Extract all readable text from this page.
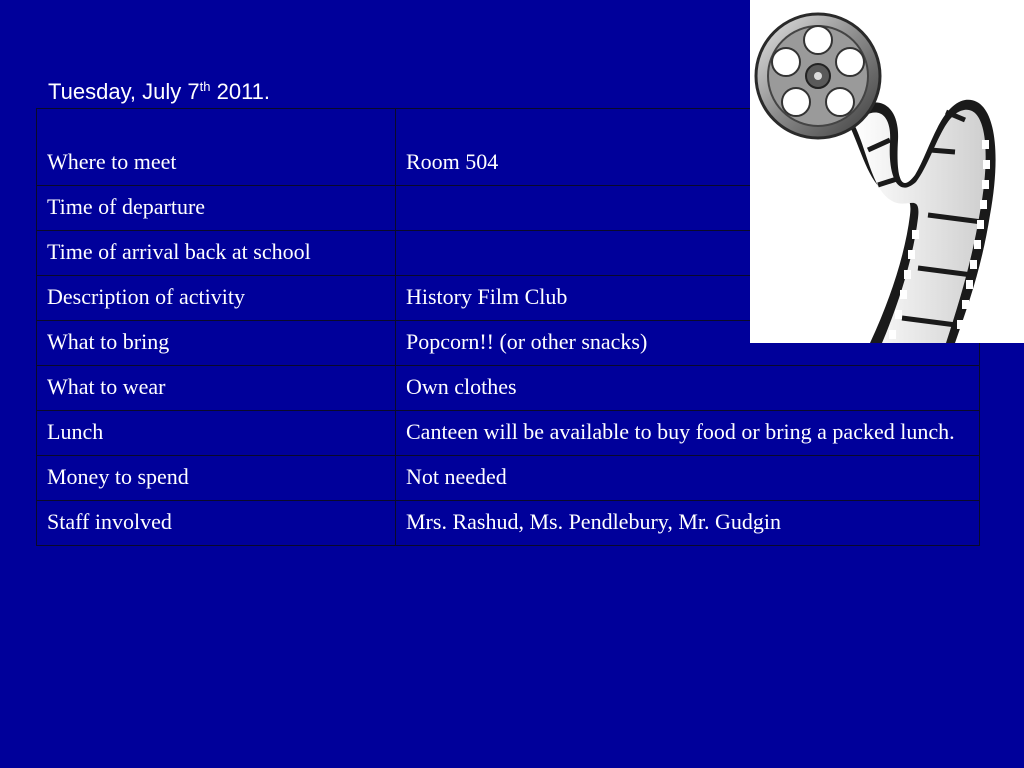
Tuesday, July 7th 2011.
Where to meet	Room 504
Time of departure	
Time of arrival back at school	
Description of activity	History Film Club
What to bring	Popcorn!! (or other snacks)
What to wear	Own clothes
Lunch	Canteen will be available to buy food or bring a packed lunch.
Money to spend	Not needed
Staff involved	Mrs. Rashud, Ms. Pendlebury, Mr. Gudgin
